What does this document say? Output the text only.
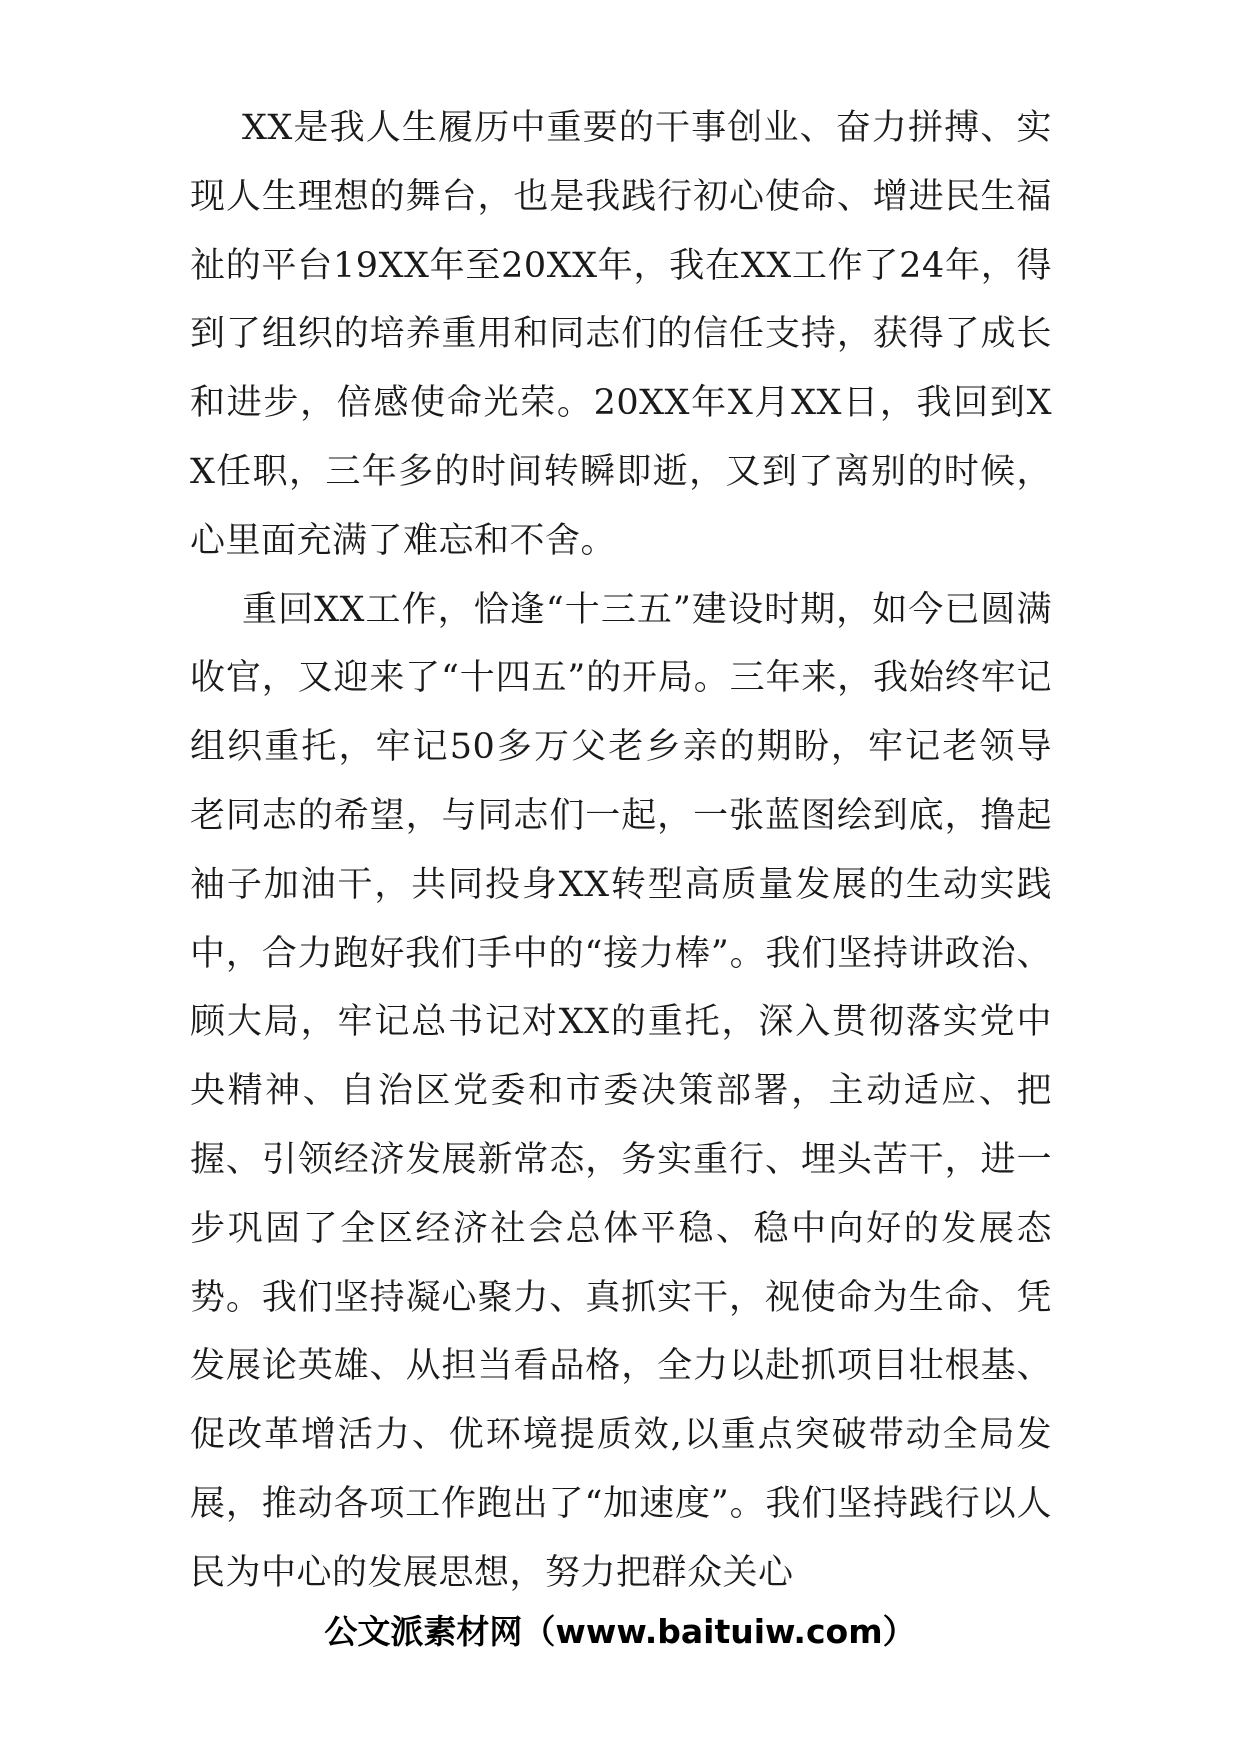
XX是我人生履历中重要的干事创业、奋力拼搏、实现人生理想的舞台，也是我践行初心使命、增进民生福祉的平台19XX年至20XX年，我在XX工作了24年，得到了组织的培养重用和同志们的信任支持，获得了成长和进步，倍感使命光荣。20XX年X月XX日，我回到XX任职，三年多的时间转瞬即逝，又到了离别的时候，心里面充满了难忘和不舍。

重回XX工作，恰逢“十三五”建设时期，如今已圆满收官，又迎来了“十四五”的开局。三年来，我始终牢记组织重托，牢记50多万父老乡亲的期盼，牢记老领导老同志的希望，与同志们一起，一张蓝图绘到底，撸起袖子加油干，共同投身XX转型高质量发展的生动实践中，合力跑好我们手中的“接力棒”。我们坚持讲政治、顾大局，牢记总书记对XX的重托，深入贯彻落实党中央精神、自治区党委和市委决策部署，主动适应、把握、引领经济发展新常态，务实重行、埋头苦干，进一步巩固了全区经济社会总体平稳、稳中向好的发展态势。我们坚持凝心聚力、真抓实干，视使命为生命、凭发展论英雄、从担当看品格，全力以赴抓项目壮根基、促改革增活力、优环境提质效,以重点突破带动全局发展，推动各项工作跑出了“加速度”。我们坚持践行以人民为中心的发展思想，努力把群众关心

公文派素材网（www.baituiw.com）
